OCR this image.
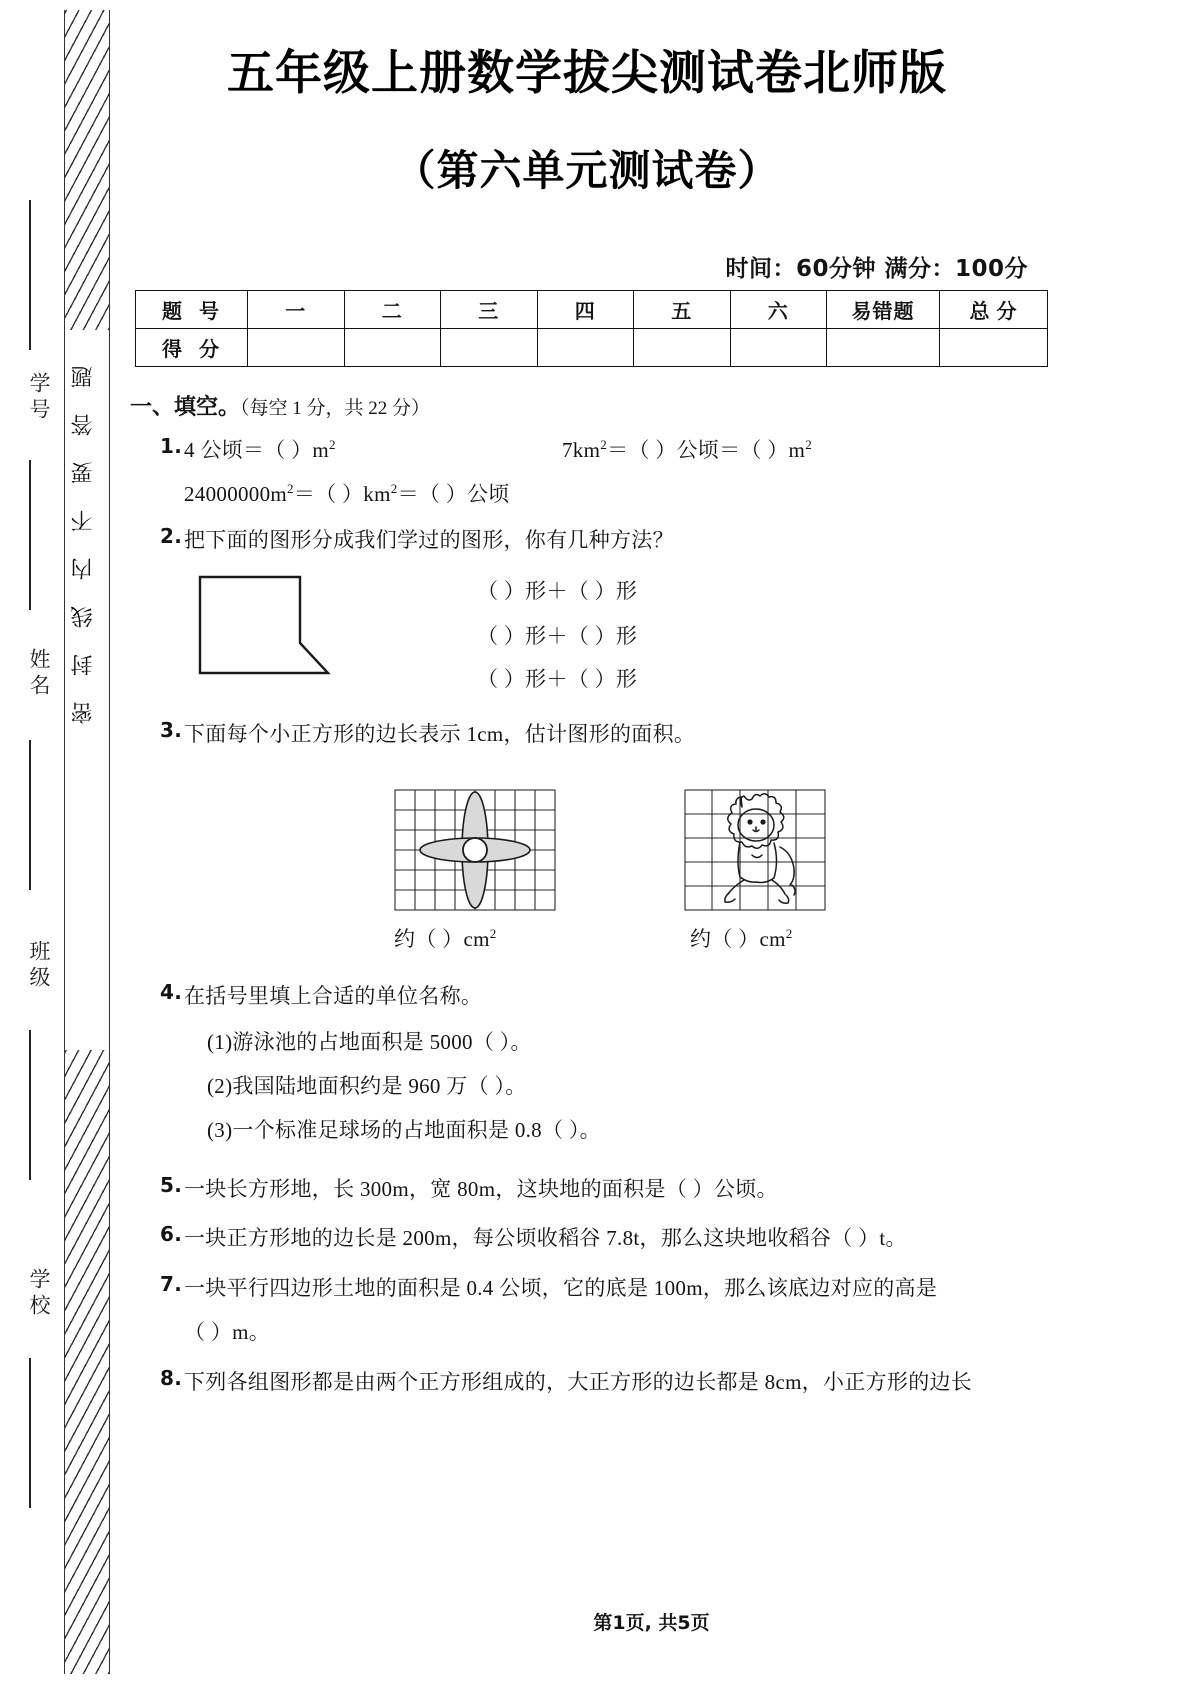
学号
姓名
班级
学校
密封线内不要答题
五年级上册数学拔尖测试卷北师版
（第六单元测试卷）
时间：60分钟 满分：100分
题 号	一	二	三	四	五	六	易错题	总 分
得 分								
一、填空。（每空 1 分，共 22 分）
1. 4 公顷＝（ ）$m^2$	$7km^2=$（ ）公顷＝（ ）$m^2$
$24000000m^2=$（ ）$km^2=$（ ）公顷
2. 把下面的图形分成我们学过的图形，你有几种方法？
（ ）形＋（ ）形
（ ）形＋（ ）形
（ ）形＋（ ）形
3. 下面每个小正方形的边长表示 1cm，估计图形的面积。
约（ ）$cm^2$	约（ ）$cm^2$
4. 在括号里填上合适的单位名称。
(1)游泳池的占地面积是 5000（ ）。
(2)我国陆地面积约是 960 万（ ）。
(3)一个标准足球场的占地面积是 0.8（ ）。
5. 一块长方形地，长 300m，宽 80m，这块地的面积是（ ）公顷。
6. 一块正方形地的边长是 200m，每公顷收稻谷 7.8t，那么这块地收稻谷（ ）t。
7. 一块平行四边形土地的面积是 0.4 公顷，它的底是 100m，那么该底边对应的高是
（ ）m。
8. 下列各组图形都是由两个正方形组成的，大正方形的边长都是 8cm，小正方形的边长
第1页, 共5页
